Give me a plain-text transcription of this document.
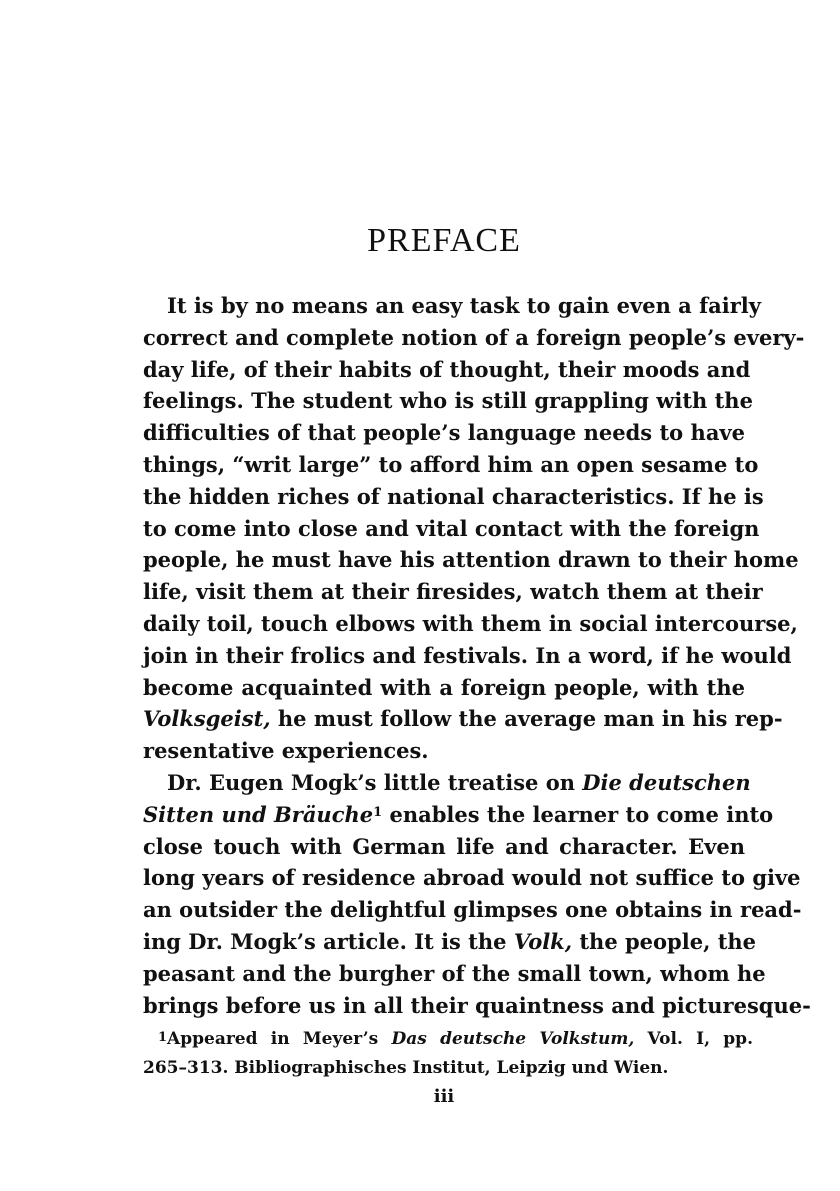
PREFACE
It is by no means an easy task to gain even a fairly
correct and complete notion of a foreign people’s every-
day life, of their habits of thought, their moods and
feelings. The student who is still grappling with the
difficulties of that people’s language needs to have
things, “writ large” to afford him an open sesame to
the hidden riches of national characteristics. If he is
to come into close and vital contact with the foreign
people, he must have his attention drawn to their home
life, visit them at their firesides, watch them at their
daily toil, touch elbows with them in social intercourse,
join in their frolics and festivals. In a word, if he would
become acquainted with a foreign people, with the
Volksgeist, he must follow the average man in his rep-
resentative experiences.
Dr. Eugen Mogk’s little treatise on Die deutschen
Sitten und Bräuche$^1$ enables the learner to come into
close touch with German life and character. Even
long years of residence abroad would not suffice to give
an outsider the delightful glimpses one obtains in read-
ing Dr. Mogk’s article. It is the Volk, the people, the
peasant and the burgher of the small town, whom he
brings before us in all their quaintness and picturesque-
$^1$Appeared in Meyer’s Das deutsche Volkstum, Vol. I, pp.
265–313. Bibliographisches Institut, Leipzig und Wien.
iii
